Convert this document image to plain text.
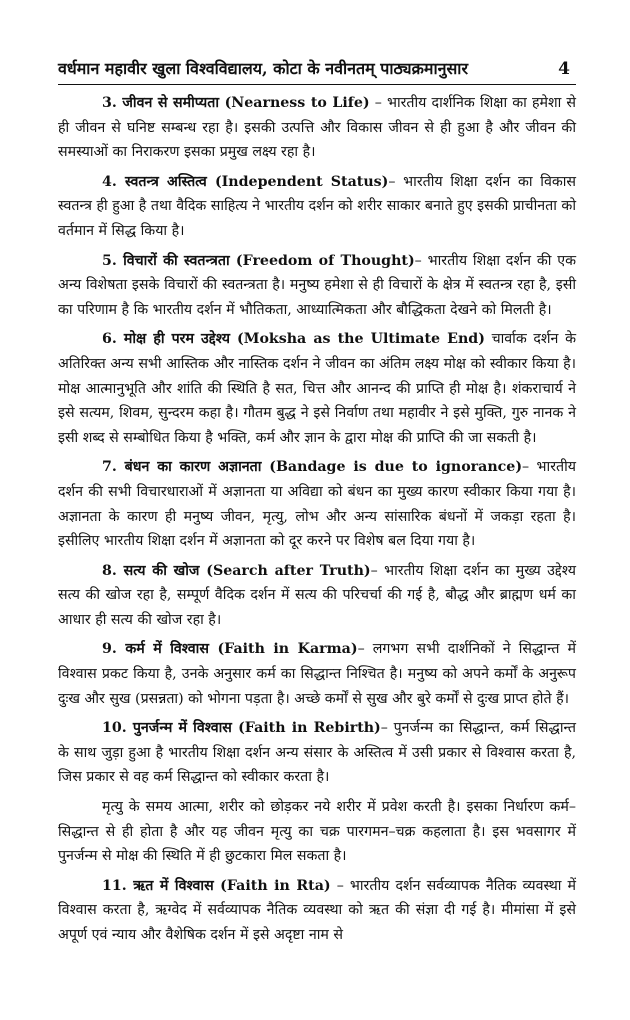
वर्धमान महावीर खुला विश्वविद्यालय, कोटा के नवीनतम् पाठ्यक्रमानुसार	4

3. जीवन से समीप्यता (Nearness to Life) – भारतीय दार्शनिक शिक्षा का हमेशा से ही जीवन से घनिष्ट सम्बन्ध रहा है। इसकी उत्पत्ति और विकास जीवन से ही हुआ है और जीवन की समस्याओं का निराकरण इसका प्रमुख लक्ष्य रहा है।

4. स्वतन्त्र अस्तित्व (Independent Status)– भारतीय शिक्षा दर्शन का विकास स्वतन्त्र ही हुआ है तथा वैदिक साहित्य ने भारतीय दर्शन को शरीर साकार बनाते हुए इसकी प्राचीनता को वर्तमान में सिद्ध किया है।

5. विचारों की स्वतन्त्रता (Freedom of Thought)– भारतीय शिक्षा दर्शन की एक अन्य विशेषता इसके विचारों की स्वतन्त्रता है। मनुष्य हमेशा से ही विचारों के क्षेत्र में स्वतन्त्र रहा है, इसी का परिणाम है कि भारतीय दर्शन में भौतिकता, आध्यात्मिकता और बौद्धिकता देखने को मिलती है।

6. मोक्ष ही परम उद्देश्य (Moksha as the Ultimate End) चार्वाक दर्शन के अतिरिक्त अन्य सभी आस्तिक और नास्तिक दर्शन ने जीवन का अंतिम लक्ष्य मोक्ष को स्वीकार किया है। मोक्ष आत्मानुभूति और शांति की स्थिति है सत, चित्त और आनन्द की प्राप्ति ही मोक्ष है। शंकराचार्य ने इसे सत्यम, शिवम, सुन्दरम कहा है। गौतम बुद्ध ने इसे निर्वाण तथा महावीर ने इसे मुक्ति, गुरु नानक ने इसी शब्द से सम्बोधित किया है भक्ति, कर्म और ज्ञान के द्वारा मोक्ष की प्राप्ति की जा सकती है।

7. बंधन का कारण अज्ञानता (Bandage is due to ignorance)– भारतीय दर्शन की सभी विचारधाराओं में अज्ञानता या अविद्या को बंधन का मुख्य कारण स्वीकार किया गया है। अज्ञानता के कारण ही मनुष्य जीवन, मृत्यु, लोभ और अन्य सांसारिक बंधनों में जकड़ा रहता है। इसीलिए भारतीय शिक्षा दर्शन में अज्ञानता को दूर करने पर विशेष बल दिया गया है।

8. सत्य की खोज (Search after Truth)– भारतीय शिक्षा दर्शन का मुख्य उद्देश्य सत्य की खोज रहा है, सम्पूर्ण वैदिक दर्शन में सत्य की परिचर्चा की गई है, बौद्ध और ब्राह्मण धर्म का आधार ही सत्य की खोज रहा है।

9. कर्म में विश्वास (Faith in Karma)– लगभग सभी दार्शनिकों ने सिद्धान्त में विश्वास प्रकट किया है, उनके अनुसार कर्म का सिद्धान्त निश्चित है। मनुष्य को अपने कर्मों के अनुरूप दुःख और सुख (प्रसन्नता) को भोगना पड़ता है। अच्छे कर्मों से सुख और बुरे कर्मों से दुःख प्राप्त होते हैं।

10. पुनर्जन्म में विश्वास (Faith in Rebirth)– पुनर्जन्म का सिद्धान्त, कर्म सिद्धान्त के साथ जुड़ा हुआ है भारतीय शिक्षा दर्शन अन्य संसार के अस्तित्व में उसी प्रकार से विश्वास करता है, जिस प्रकार से वह कर्म सिद्धान्त को स्वीकार करता है।

मृत्यु के समय आत्मा, शरीर को छोड़कर नये शरीर में प्रवेश करती है। इसका निर्धारण कर्म–सिद्धान्त से ही होता है और यह जीवन मृत्यु का चक्र पारगमन–चक्र कहलाता है। इस भवसागर में पुनर्जन्म से मोक्ष की स्थिति में ही छुटकारा मिल सकता है।

11. ऋत में विश्वास (Faith in Rta) – भारतीय दर्शन सर्वव्यापक नैतिक व्यवस्था में विश्वास करता है, ऋग्वेद में सर्वव्यापक नैतिक व्यवस्था को ऋत की संज्ञा दी गई है। मीमांसा में इसे अपूर्ण एवं न्याय और वैशेषिक दर्शन में इसे अदृष्टा नाम से
